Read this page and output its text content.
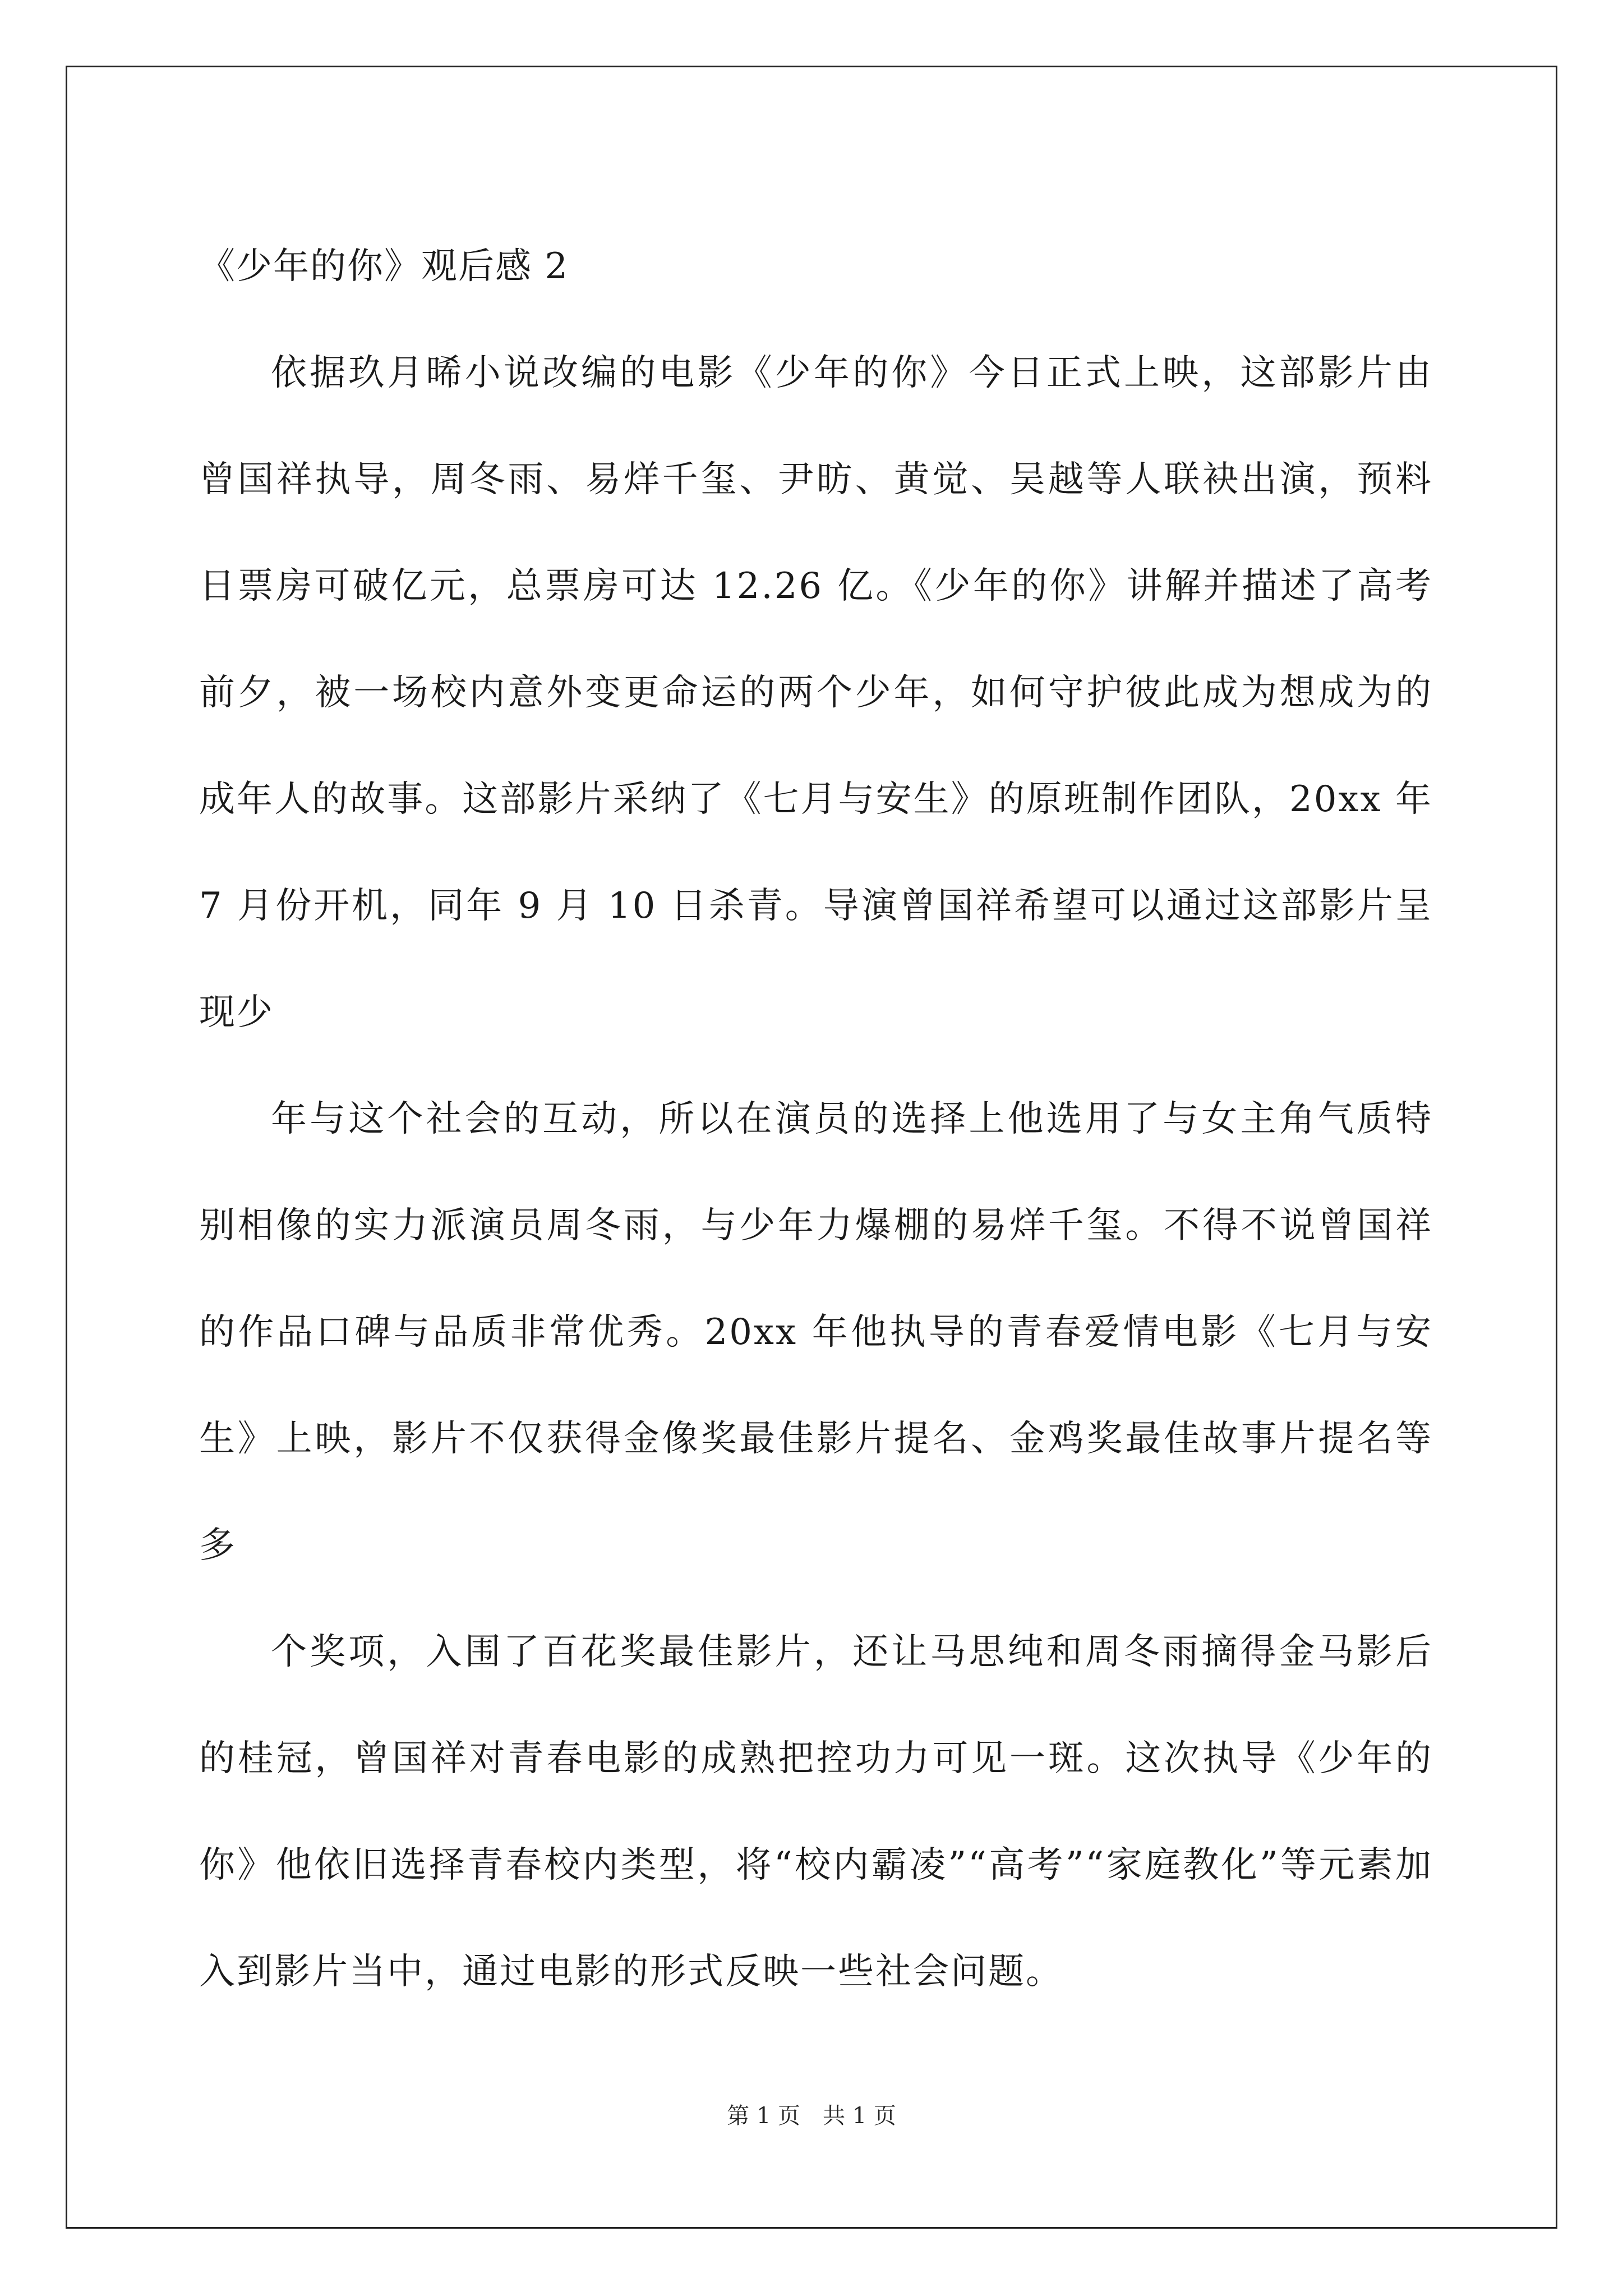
《少年的你》观后感 2

依据玖月晞小说改编的电影《少年的你》今日正式上映，这部影片由曾国祥执导，周冬雨、易烊千玺、尹昉、黄觉、吴越等人联袂出演，预料日票房可破亿元，总票房可达 12.26 亿。《少年的你》讲解并描述了高考前夕，被一场校内意外变更命运的两个少年，如何守护彼此成为想成为的成年人的故事。这部影片采纳了《七月与安生》的原班制作团队，20xx 年 7 月份开机，同年 9 月 10 日杀青。导演曾国祥希望可以通过这部影片呈现少

年与这个社会的互动，所以在演员的选择上他选用了与女主角气质特别相像的实力派演员周冬雨，与少年力爆棚的易烊千玺。不得不说曾国祥的作品口碑与品质非常优秀。20xx 年他执导的青春爱情电影《七月与安生》上映，影片不仅获得金像奖最佳影片提名、金鸡奖最佳故事片提名等多

个奖项，入围了百花奖最佳影片，还让马思纯和周冬雨摘得金马影后的桂冠，曾国祥对青春电影的成熟把控功力可见一斑。这次执导《少年的你》他依旧选择青春校内类型，将“校内霸凌”“高考”“家庭教化”等元素加入到影片当中，通过电影的形式反映一些社会问题。

第 1 页 共 1 页
